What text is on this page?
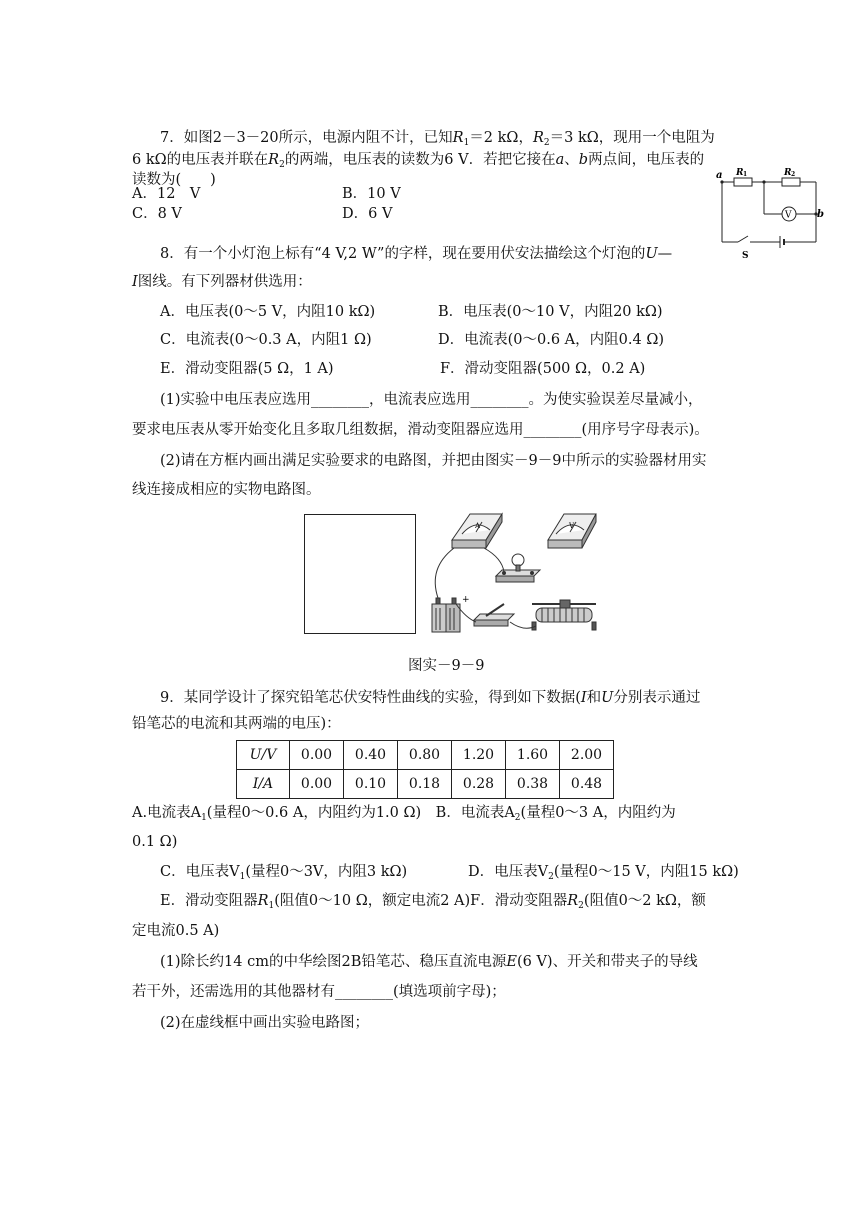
7．如图2－3－20所示，电源内阻不计，已知$R_1=2$ kΩ，$R_2=3$ kΩ，现用一个电阻为
6 kΩ的电压表并联在$R_2$的两端，电压表的读数为6 V．若把它接在a、b两点间，电压表的
读数为(　　)
A．12　V	B．10 V
C．8 V	D．6 V
a
b
R 1	R 2
V
S
8．有一个小灯泡上标有“4 V,2 W”的字样，现在要用伏安法描绘这个灯泡的U—
I图线。有下列器材供选用：
A．电压表(0～5 V，内阻10 kΩ)	B．电压表(0～10 V，内阻20 kΩ)
C．电流表(0～0.3 A，内阻1 Ω)	D．电流表(0～0.6 A，内阻0.4 Ω)
E．滑动变阻器(5 Ω，1 A)	F．滑动变阻器(500 Ω，0.2 A)
(1)实验中电压表应选用________，电流表应选用________。为使实验误差尽量减小，
要求电压表从零开始变化且多取几组数据，滑动变阻器应选用________(用序号字母表示)。
(2)请在方框内画出满足实验要求的电路图，并把由图实－9－9中所示的实验器材用实
线连接成相应的实物电路图。
A	V
+
图实－9－9
9．某同学设计了探究铅笔芯伏安特性曲线的实验，得到如下数据(I和U分别表示通过
铅笔芯的电流和其两端的电压)：
U/V	0.00	0.40	0.80	1.20	1.60	2.00
I/A	0.00	0.10	0.18	0.28	0.38	0.48
A.电流表$A_1$(量程0～0.6 A，内阻约为1.0 Ω)　B．电流表$A_2$(量程0～3 A，内阻约为
0.1 Ω)
C．电压表$V_1$(量程0～3V，内阻3 kΩ)	D．电压表$V_2$(量程0～15 V，内阻15 kΩ)
E．滑动变阻器$R_1$(阻值0～10 Ω，额定电流2 A)F．滑动变阻器$R_2$(阻值0～2 kΩ，额
定电流0.5 A)
(1)除长约14 cm的中华绘图2B铅笔芯、稳压直流电源E(6 V)、开关和带夹子的导线
若干外，还需选用的其他器材有________(填选项前字母)；
(2)在虚线框中画出实验电路图；
